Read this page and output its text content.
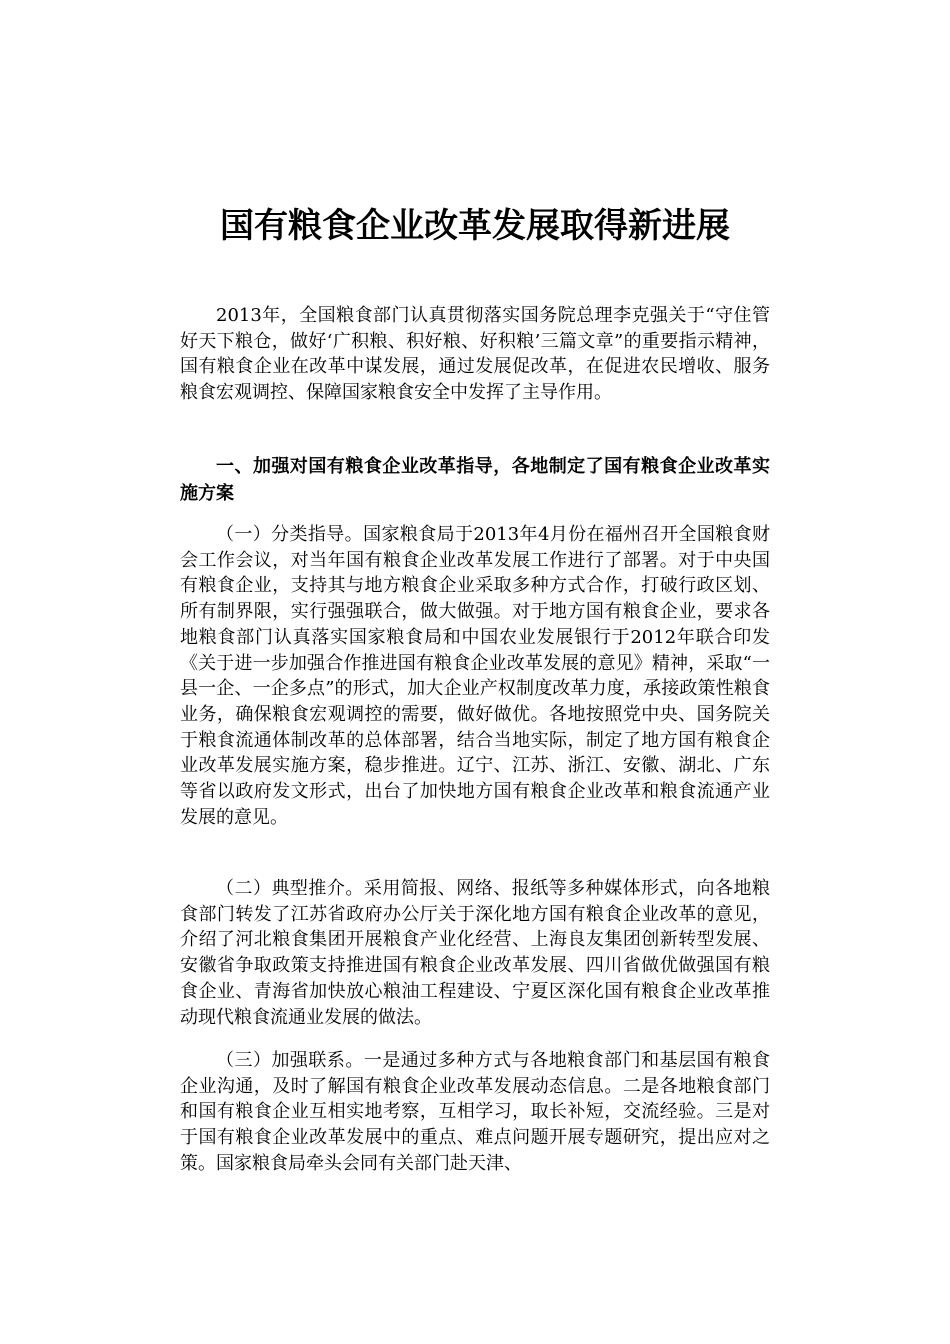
国有粮食企业改革发展取得新进展

2013年，全国粮食部门认真贯彻落实国务院总理李克强关于“守住管好天下粮仓，做好‘广积粮、积好粮、好积粮’三篇文章”的重要指示精神，国有粮食企业在改革中谋发展，通过发展促改革，在促进农民增收、服务粮食宏观调控、保障国家粮食安全中发挥了主导作用。

一、加强对国有粮食企业改革指导，各地制定了国有粮食企业改革实施方案

（一）分类指导。国家粮食局于2013年4月份在福州召开全国粮食财会工作会议，对当年国有粮食企业改革发展工作进行了部署。对于中央国有粮食企业，支持其与地方粮食企业采取多种方式合作，打破行政区划、所有制界限，实行强强联合，做大做强。对于地方国有粮食企业，要求各地粮食部门认真落实国家粮食局和中国农业发展银行于2012年联合印发《关于进一步加强合作推进国有粮食企业改革发展的意见》精神，采取“一县一企、一企多点”的形式，加大企业产权制度改革力度，承接政策性粮食业务，确保粮食宏观调控的需要，做好做优。各地按照党中央、国务院关于粮食流通体制改革的总体部署，结合当地实际，制定了地方国有粮食企业改革发展实施方案，稳步推进。辽宁、江苏、浙江、安徽、湖北、广东等省以政府发文形式，出台了加快地方国有粮食企业改革和粮食流通产业发展的意见。

（二）典型推介。采用简报、网络、报纸等多种媒体形式，向各地粮食部门转发了江苏省政府办公厅关于深化地方国有粮食企业改革的意见，介绍了河北粮食集团开展粮食产业化经营、上海良友集团创新转型发展、安徽省争取政策支持推进国有粮食企业改革发展、四川省做优做强国有粮食企业、青海省加快放心粮油工程建设、宁夏区深化国有粮食企业改革推动现代粮食流通业发展的做法。

（三）加强联系。一是通过多种方式与各地粮食部门和基层国有粮食企业沟通，及时了解国有粮食企业改革发展动态信息。二是各地粮食部门和国有粮食企业互相实地考察，互相学习，取长补短，交流经验。三是对于国有粮食企业改革发展中的重点、难点问题开展专题研究，提出应对之策。国家粮食局牵头会同有关部门赴天津、
